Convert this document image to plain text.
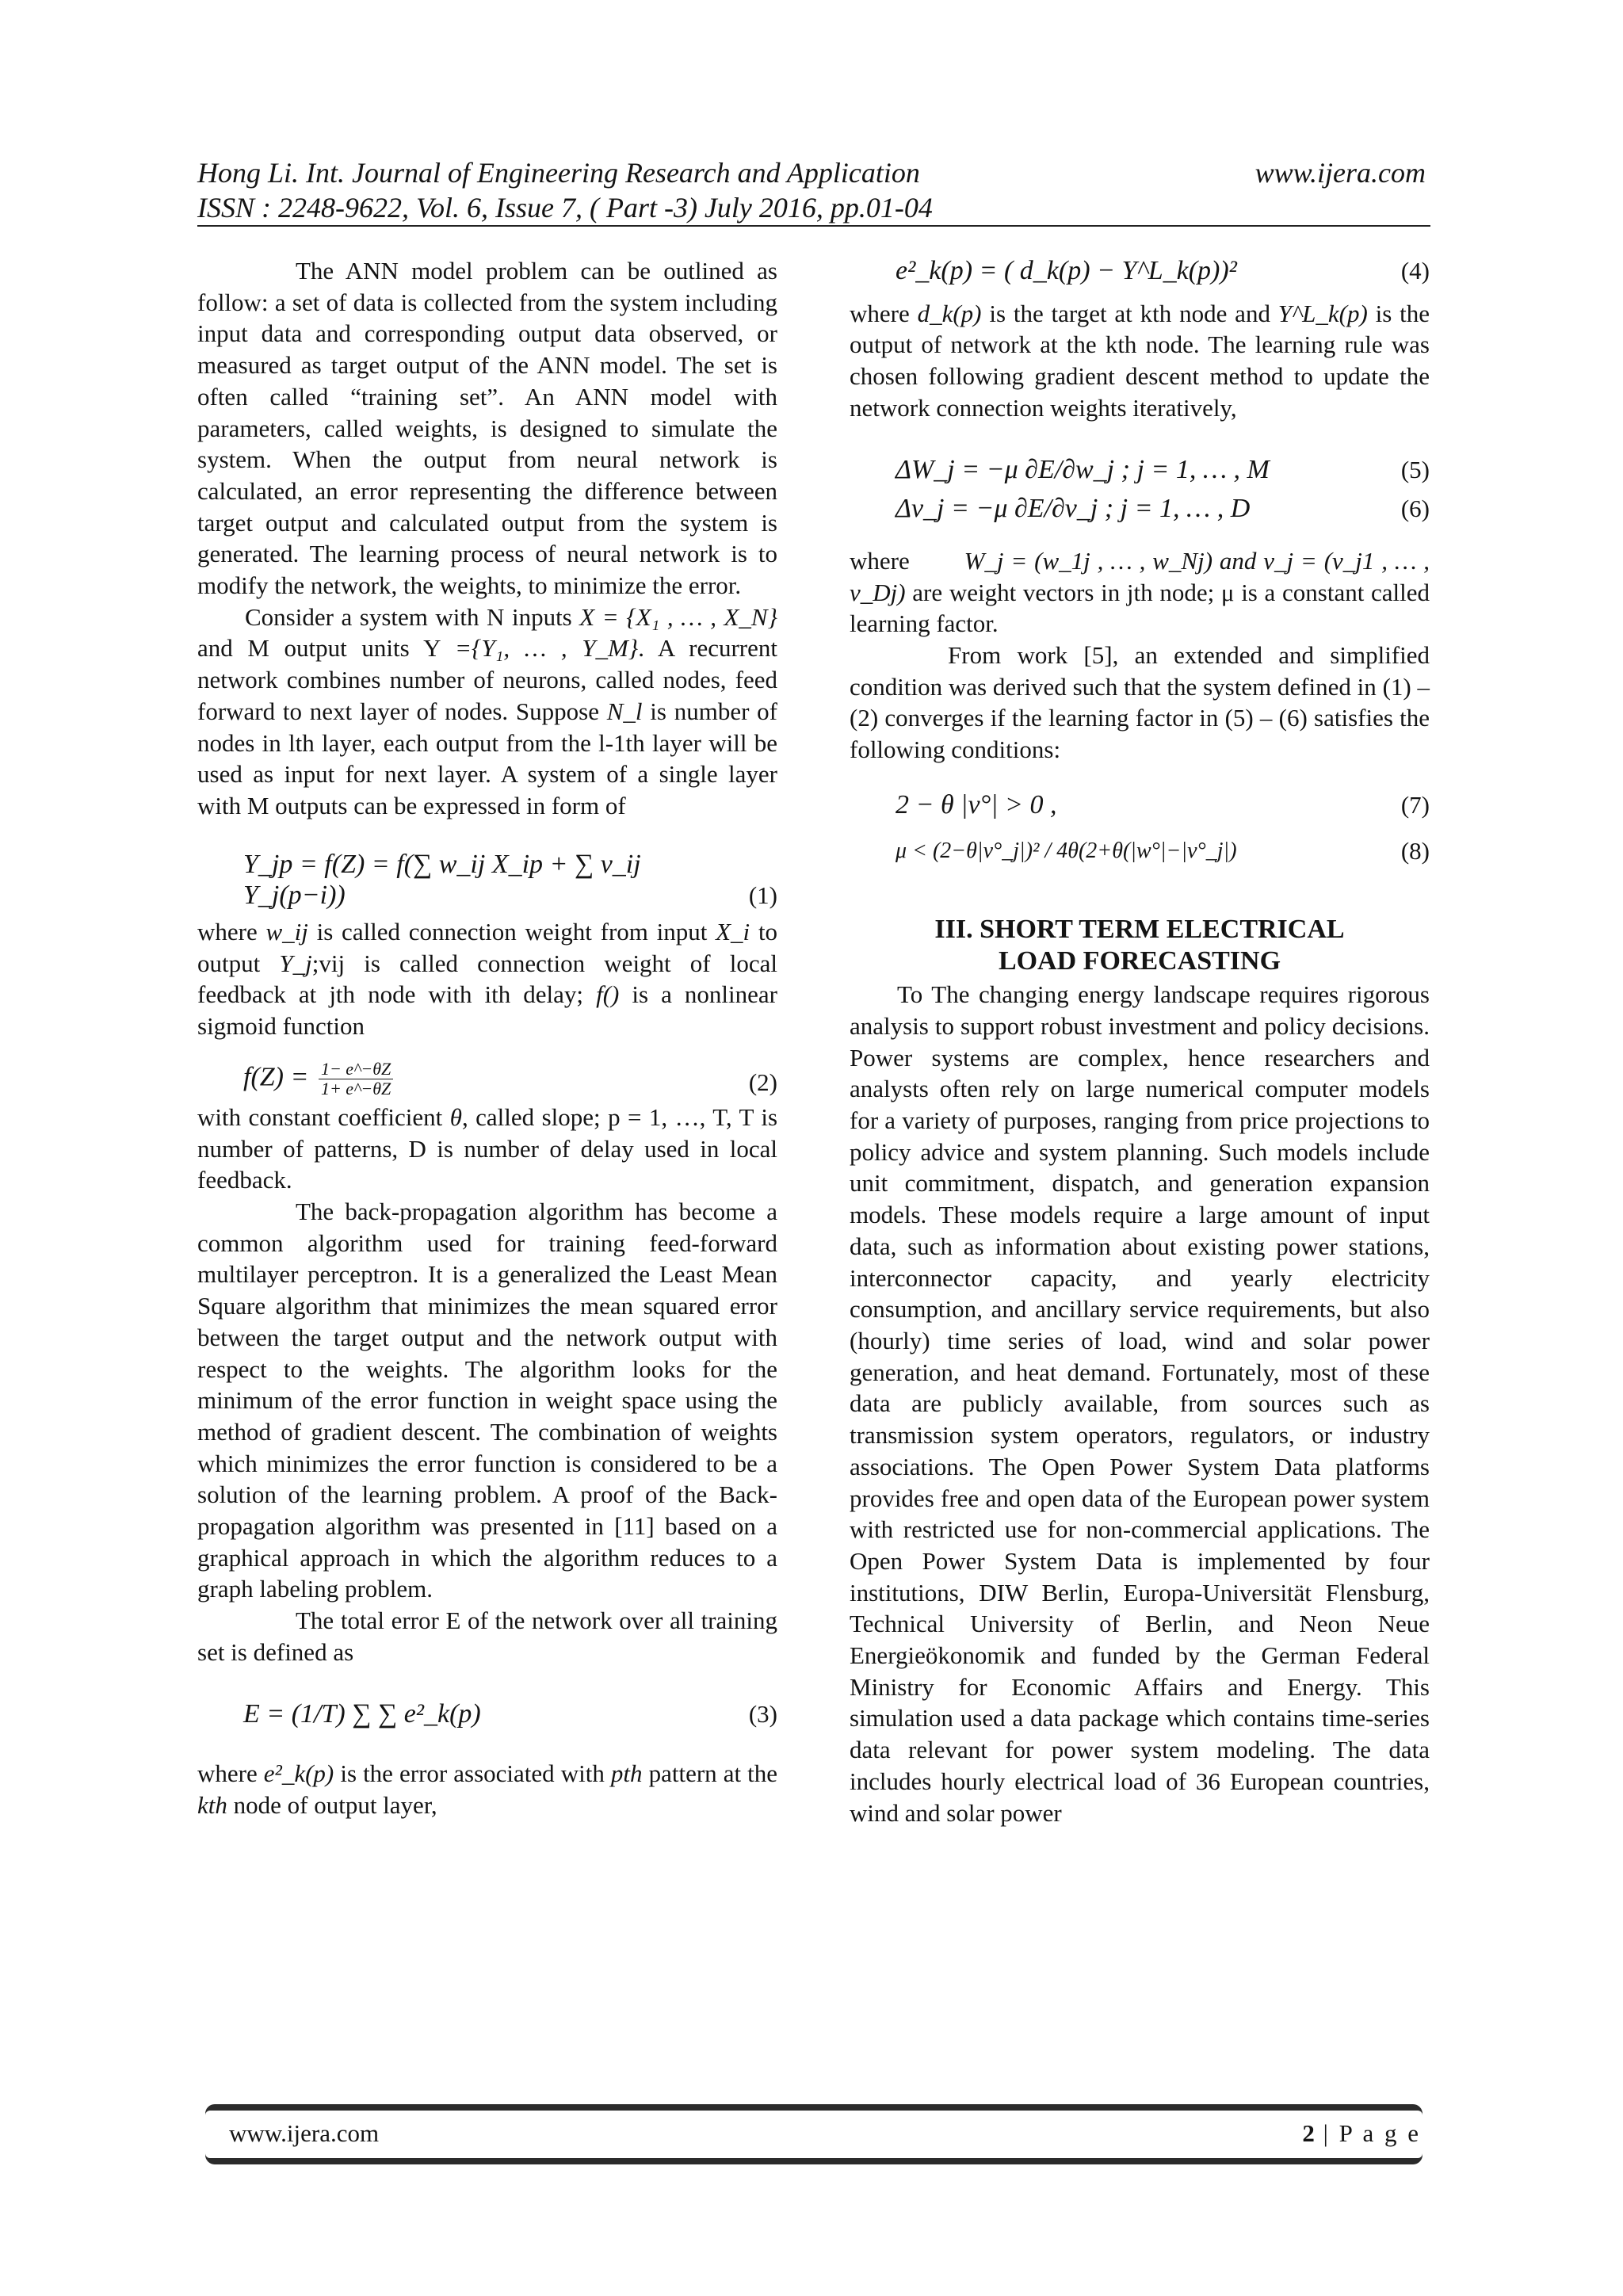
Hong Li. Int. Journal of Engineering Research and Application
ISSN : 2248-9622, Vol. 6, Issue 7, ( Part -3) July 2016, pp.01-04
www.ijera.com

The ANN model problem can be outlined as follow: a set of data is collected from the system including input data and corresponding output data observed, or measured as target output of the ANN model. The set is often called “training set”. An ANN model with parameters, called weights, is designed to simulate the system. When the output from neural network is calculated, an error representing the difference between target output and calculated output from the system is generated. The learning process of neural network is to modify the network, the weights, to minimize the error.

Consider a system with N inputs X = {X₁ , … , X_N} and M output units Y ={Y₁, … , Y_M}. A recurrent network combines number of neurons, called nodes, feed forward to next layer of nodes. Suppose N_l is number of nodes in lth layer, each output from the l-1th layer will be used as input for next layer. A system of a single layer with M outputs can be expressed in form of

Y_jp = f(Z) = f(∑ w_ij X_ip + ∑ v_ij Y_j(p−i))	(1)

where w_ij is called connection weight from input X_i to output Y_j;vij is called connection weight of local feedback at jth node with ith delay; f() is a nonlinear sigmoid function

$f(Z) = \frac{1- e\^{}-\theta Z}{1+ e\^{}-\theta Z}$	(2)

with constant coefficient θ, called slope; p = 1, …, T, T is number of patterns, D is number of delay used in local feedback.

The back-propagation algorithm has become a common algorithm used for training feed-forward multilayer perceptron. It is a generalized the Least Mean Square algorithm that minimizes the mean squared error between the target output and the network output with respect to the weights. The algorithm looks for the minimum of the error function in weight space using the method of gradient descent. The combination of weights which minimizes the error function is considered to be a solution of the learning problem. A proof of the Back-propagation algorithm was presented in [11] based on a graphical approach in which the algorithm reduces to a graph labeling problem.

The total error E of the network over all training set is defined as

E = (1/T) ∑ ∑ e²_k(p)	(3)

where e²_k(p) is the error associated with pth pattern at the kth node of output layer,

e²_k(p) = ( d_k(p) − Y^L_k(p))²	(4)

where d_k(p) is the target at kth node and Y^L_k(p) is the output of network at the kth node. The learning rule was chosen following gradient descent method to update the network connection weights iteratively,

ΔW_j = −μ ∂E/∂w_j ; j = 1, … , M	(5)
Δv_j = −μ ∂E/∂v_j ; j = 1, … , D	(6)

where W_j = (w_1j , … , w_Nj) and v_j = (v_j1 , … , v_Dj) are weight vectors in jth node; μ is a constant called learning factor.

From work [5], an extended and simplified condition was derived such that the system defined in (1) – (2) converges if the learning factor in (5) – (6) satisfies the following conditions:

2 − θ |v°| > 0 ,	(7)
μ < (2−θ|v°_j|)² / 4θ(2+θ(|w°|−|v°_j|)	(8)
III. SHORT TERM ELECTRICAL
LOAD FORECASTING

To The changing energy landscape requires rigorous analysis to support robust investment and policy decisions. Power systems are complex, hence researchers and analysts often rely on large numerical computer models for a variety of purposes, ranging from price projections to policy advice and system planning. Such models include unit commitment, dispatch, and generation expansion models. These models require a large amount of input data, such as information about existing power stations, interconnector capacity, and yearly electricity consumption, and ancillary service requirements, but also (hourly) time series of load, wind and solar power generation, and heat demand. Fortunately, most of these data are publicly available, from sources such as transmission system operators, regulators, or industry associations. The Open Power System Data platforms provides free and open data of the European power system with restricted use for non-commercial applications. The Open Power System Data is implemented by four institutions, DIW Berlin, Europa-Universität Flensburg, Technical University of Berlin, and Neon Neue Energieökonomik and funded by the German Federal Ministry for Economic Affairs and Energy. This simulation used a data package which contains time-series data relevant for power system modeling. The data includes hourly electrical load of 36 European countries, wind and solar power

www.ijera.com	2 | P a g e
